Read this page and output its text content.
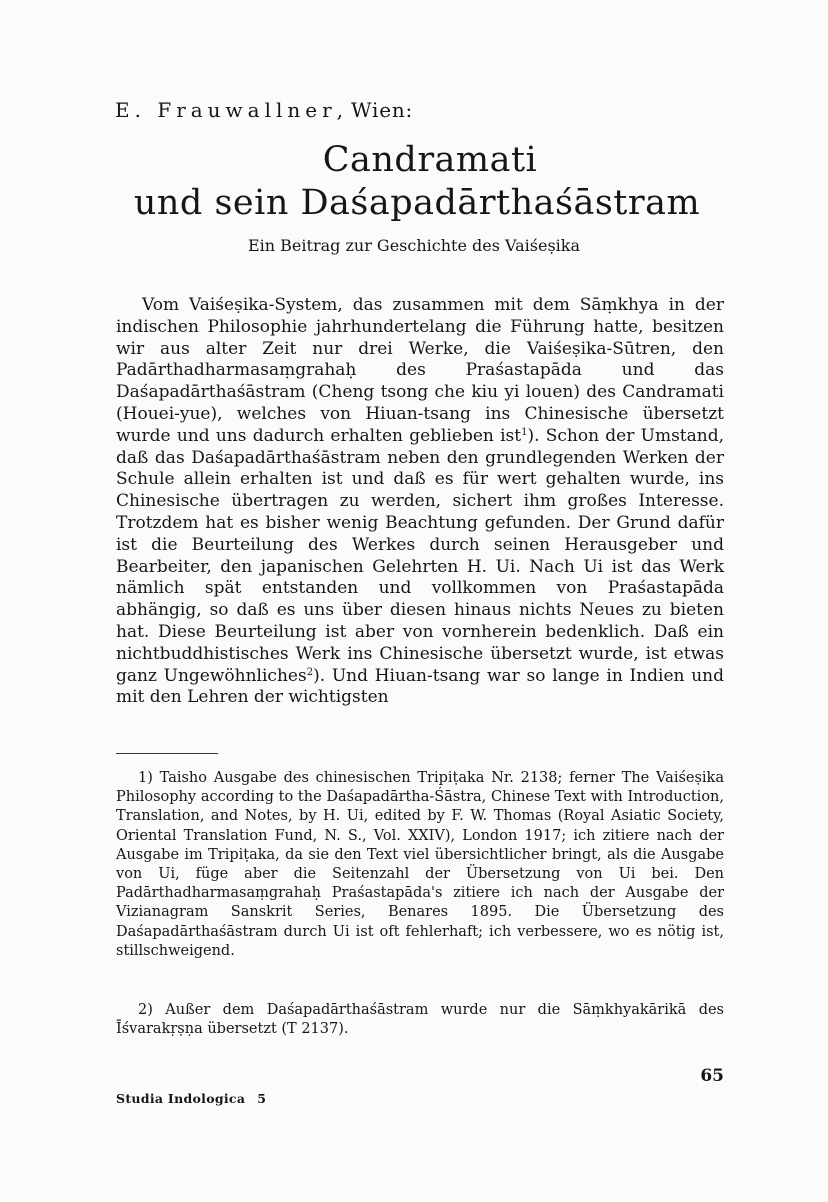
E. Frauwallner, Wien:
Candramati
und sein Daśapadārthaśāstram
Ein Beitrag zur Geschichte des Vaiśeṣika

Vom Vaiśeṣika-System, das zusammen mit dem Sāṃkhya in der indischen Philosophie jahrhundertelang die Führung hatte, besitzen wir aus alter Zeit nur drei Werke, die Vaiśeṣika-Sūtren, den Padārthadharmasaṃgrahaḥ des Praśastapāda und das Daśapadārthaśāstram (Cheng tsong che kiu yi louen) des Candramati (Houei-yue), welches von Hiuan-tsang ins Chinesische übersetzt wurde und uns dadurch erhalten geblieben ist$^1$). Schon der Umstand, daß das Daśapadārthaśāstram neben den grundlegenden Werken der Schule allein erhalten ist und daß es für wert gehalten wurde, ins Chinesische übertragen zu werden, sichert ihm großes Interesse. Trotzdem hat es bisher wenig Beachtung gefunden. Der Grund dafür ist die Beurteilung des Werkes durch seinen Herausgeber und Bearbeiter, den japanischen Gelehrten H. Ui. Nach Ui ist das Werk nämlich spät entstanden und vollkommen von Praśastapāda abhängig, so daß es uns über diesen hinaus nichts Neues zu bieten hat. Diese Beurteilung ist aber von vornherein bedenklich. Daß ein nichtbuddhistisches Werk ins Chinesische übersetzt wurde, ist etwas ganz Ungewöhnliches$^2$). Und Hiuan-tsang war so lange in Indien und mit den Lehren der wichtigsten

1) Taisho Ausgabe des chinesischen Tripiṭaka Nr. 2138; ferner The Vaiśeṣika Philosophy according to the Daśapadārtha-Śāstra, Chinese Text with Introduction, Translation, and Notes, by H. Ui, edited by F. W. Thomas (Royal Asiatic Society, Oriental Translation Fund, N. S., Vol. XXIV), London 1917; ich zitiere nach der Ausgabe im Tripiṭaka, da sie den Text viel übersichtlicher bringt, als die Ausgabe von Ui, füge aber die Seitenzahl der Übersetzung von Ui bei. Den Padārthadharmasaṃgrahaḥ Praśastapāda's zitiere ich nach der Ausgabe der Vizianagram Sanskrit Series, Benares 1895. Die Übersetzung des Daśapadārthaśāstram durch Ui ist oft fehlerhaft; ich verbessere, wo es nötig ist, stillschweigend.

2) Außer dem Daśapadārthaśāstram wurde nur die Sāṃkhyakārikā des Īśvarakṛṣṇa übersetzt (T 2137).

65
Studia Indologica 5
